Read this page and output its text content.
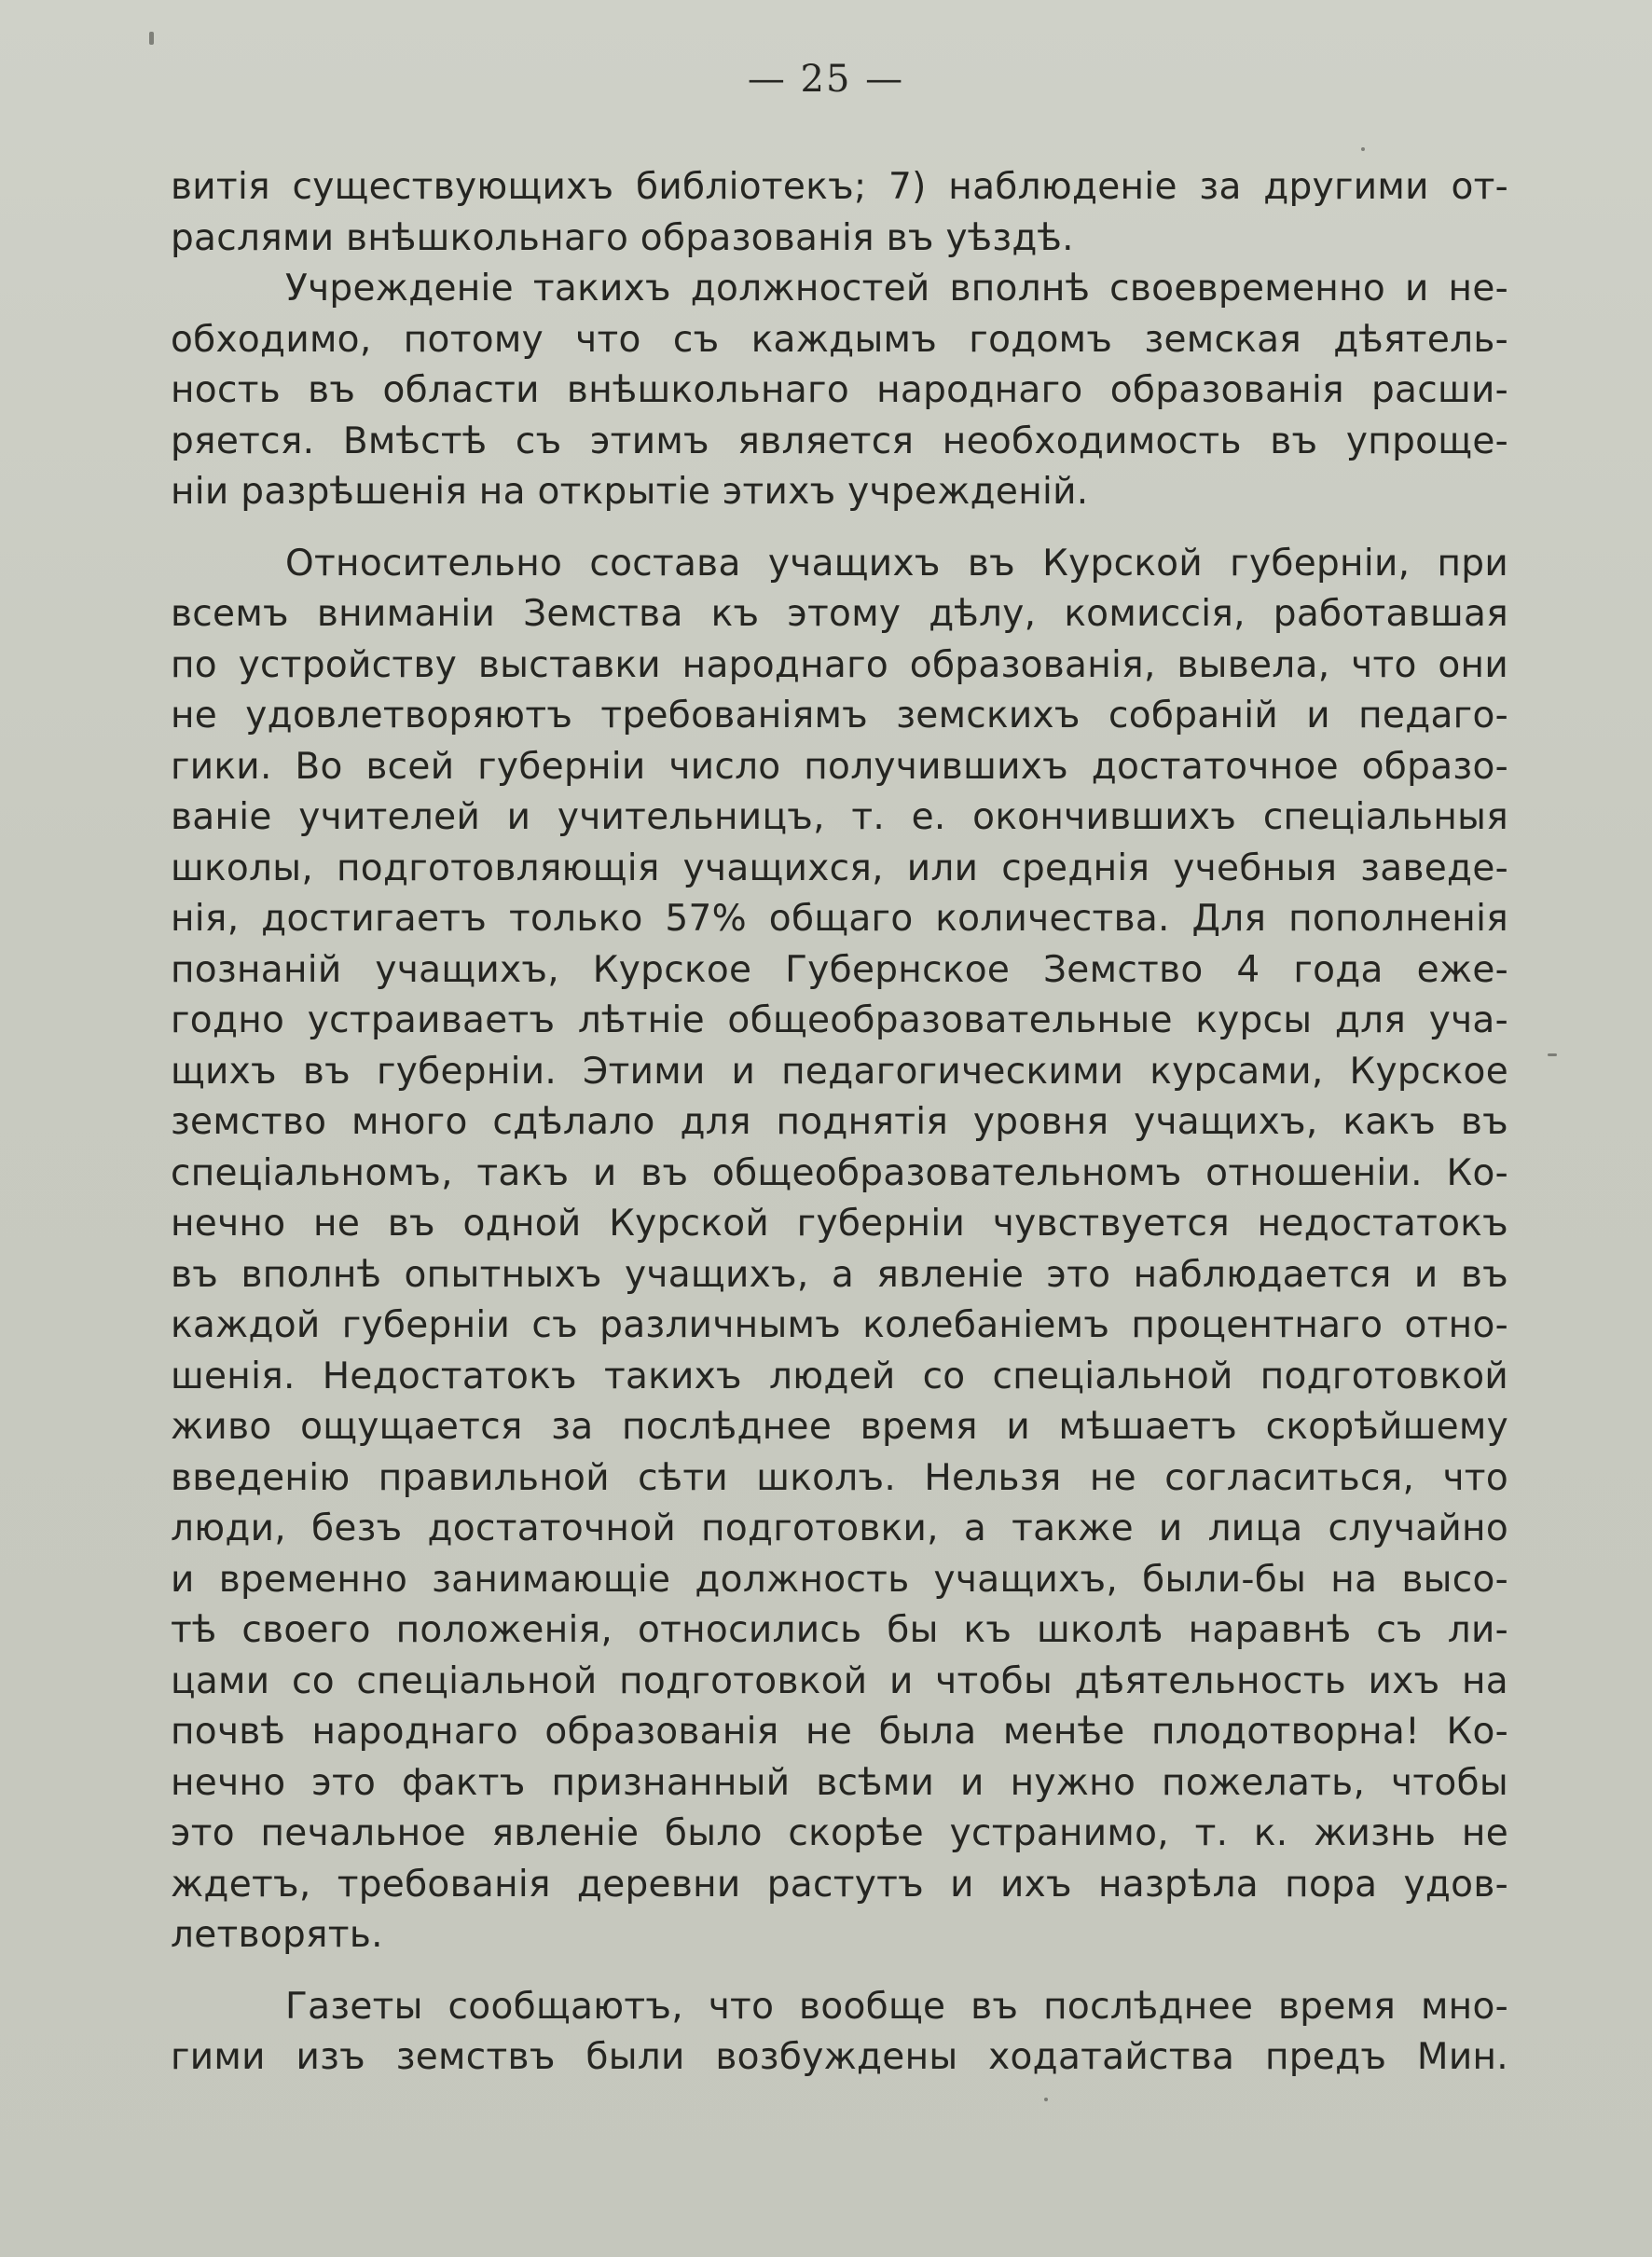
— 25 —
витія существующихъ библіотекъ; 7) наблюденіе за другими от-
раслями внѣшкольнаго образованія въ уѣздѣ.
Учрежденіе такихъ должностей вполнѣ своевременно и не-
обходимо, потому что съ каждымъ годомъ земская дѣятель-
ность въ области внѣшкольнаго народнаго образованія расши-
ряется. Вмѣстѣ съ этимъ является необходимость въ упроще-
ніи разрѣшенія на открытіе этихъ учрежденій.
Относительно состава учащихъ въ Курской губерніи, при
всемъ вниманіи Земства къ этому дѣлу, комиссія, работавшая
по устройству выставки народнаго образованія, вывела, что они
не удовлетворяютъ требованіямъ земскихъ собраній и педаго-
гики. Во всей губерніи число получившихъ достаточное образо-
ваніе учителей и учительницъ, т. е. окончившихъ спеціальныя
школы, подготовляющія учащихся, или среднія учебныя заведе-
нія, достигаетъ только 57% общаго количества. Для пополненія
познаній учащихъ, Курское Губернское Земство 4 года еже-
годно устраиваетъ лѣтніе общеобразовательные курсы для уча-
щихъ въ губерніи. Этими и педагогическими курсами, Курское
земство много сдѣлало для поднятія уровня учащихъ, какъ въ
спеціальномъ, такъ и въ общеобразовательномъ отношеніи. Ко-
нечно не въ одной Курской губерніи чувствуется недостатокъ
въ вполнѣ опытныхъ учащихъ, а явленіе это наблюдается и въ
каждой губерніи съ различнымъ колебаніемъ процентнаго отно-
шенія. Недостатокъ такихъ людей со спеціальной подготовкой
живо ощущается за послѣднее время и мѣшаетъ скорѣйшему
введенію правильной сѣти школъ. Нельзя не согласиться, что
люди, безъ достаточной подготовки, а также и лица случайно
и временно занимающіе должность учащихъ, были-бы на высо-
тѣ своего положенія, относились бы къ школѣ наравнѣ съ ли-
цами со спеціальной подготовкой и чтобы дѣятельность ихъ на
почвѣ народнаго образованія не была менѣе плодотворна! Ко-
нечно это фактъ признанный всѣми и нужно пожелать, чтобы
это печальное явленіе было скорѣе устранимо, т. к. жизнь не
ждетъ, требованія деревни растутъ и ихъ назрѣла пора удов-
летворять.
Газеты сообщаютъ, что вообще въ послѣднее время мно-
гими изъ земствъ были возбуждены ходатайства предъ Мин.
